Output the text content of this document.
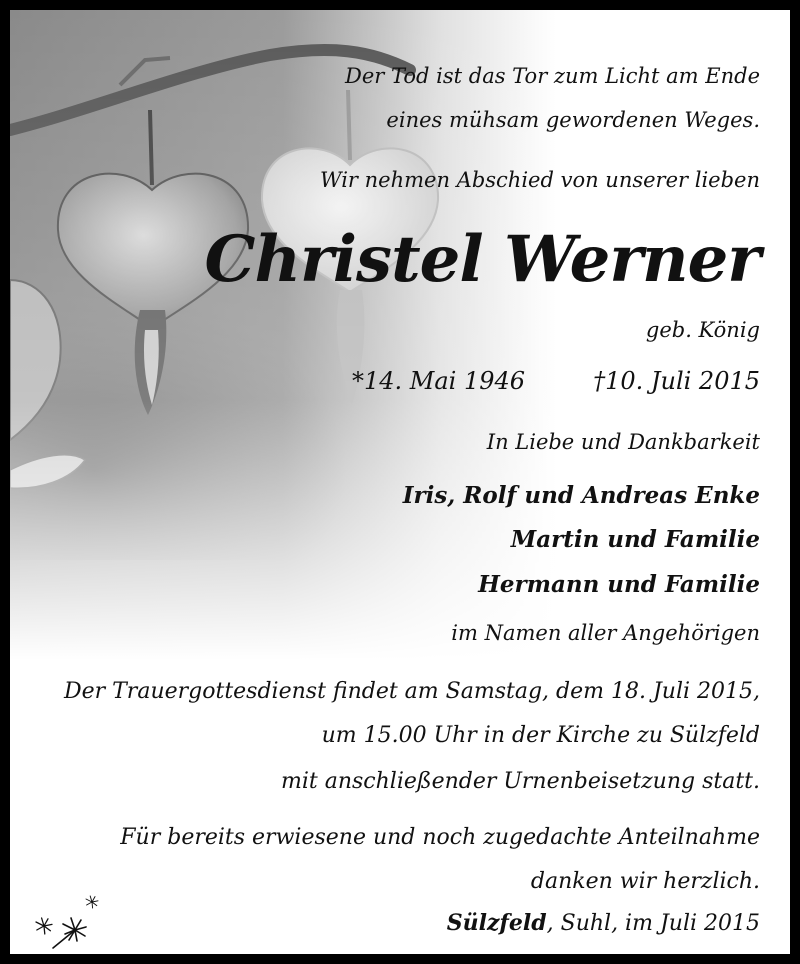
Der Tod ist das Tor zum Licht am Ende
eines mühsam gewordenen Weges.
Wir nehmen Abschied von unserer lieben
Christel Werner
geb. König
*14. Mai 1946	†10. Juli 2015
In Liebe und Dankbarkeit
Iris, Rolf und Andreas Enke
Martin und Familie
Hermann und Familie
im Namen aller Angehörigen
Der Trauergottesdienst findet am Samstag, dem 18. Juli 2015,
um 15.00 Uhr in der Kirche zu Sülzfeld
mit anschließender Urnenbeisetzung statt.
Für bereits erwiesene und noch zugedachte Anteilnahme
danken wir herzlich.
Sülzfeld, Suhl, im Juli 2015
